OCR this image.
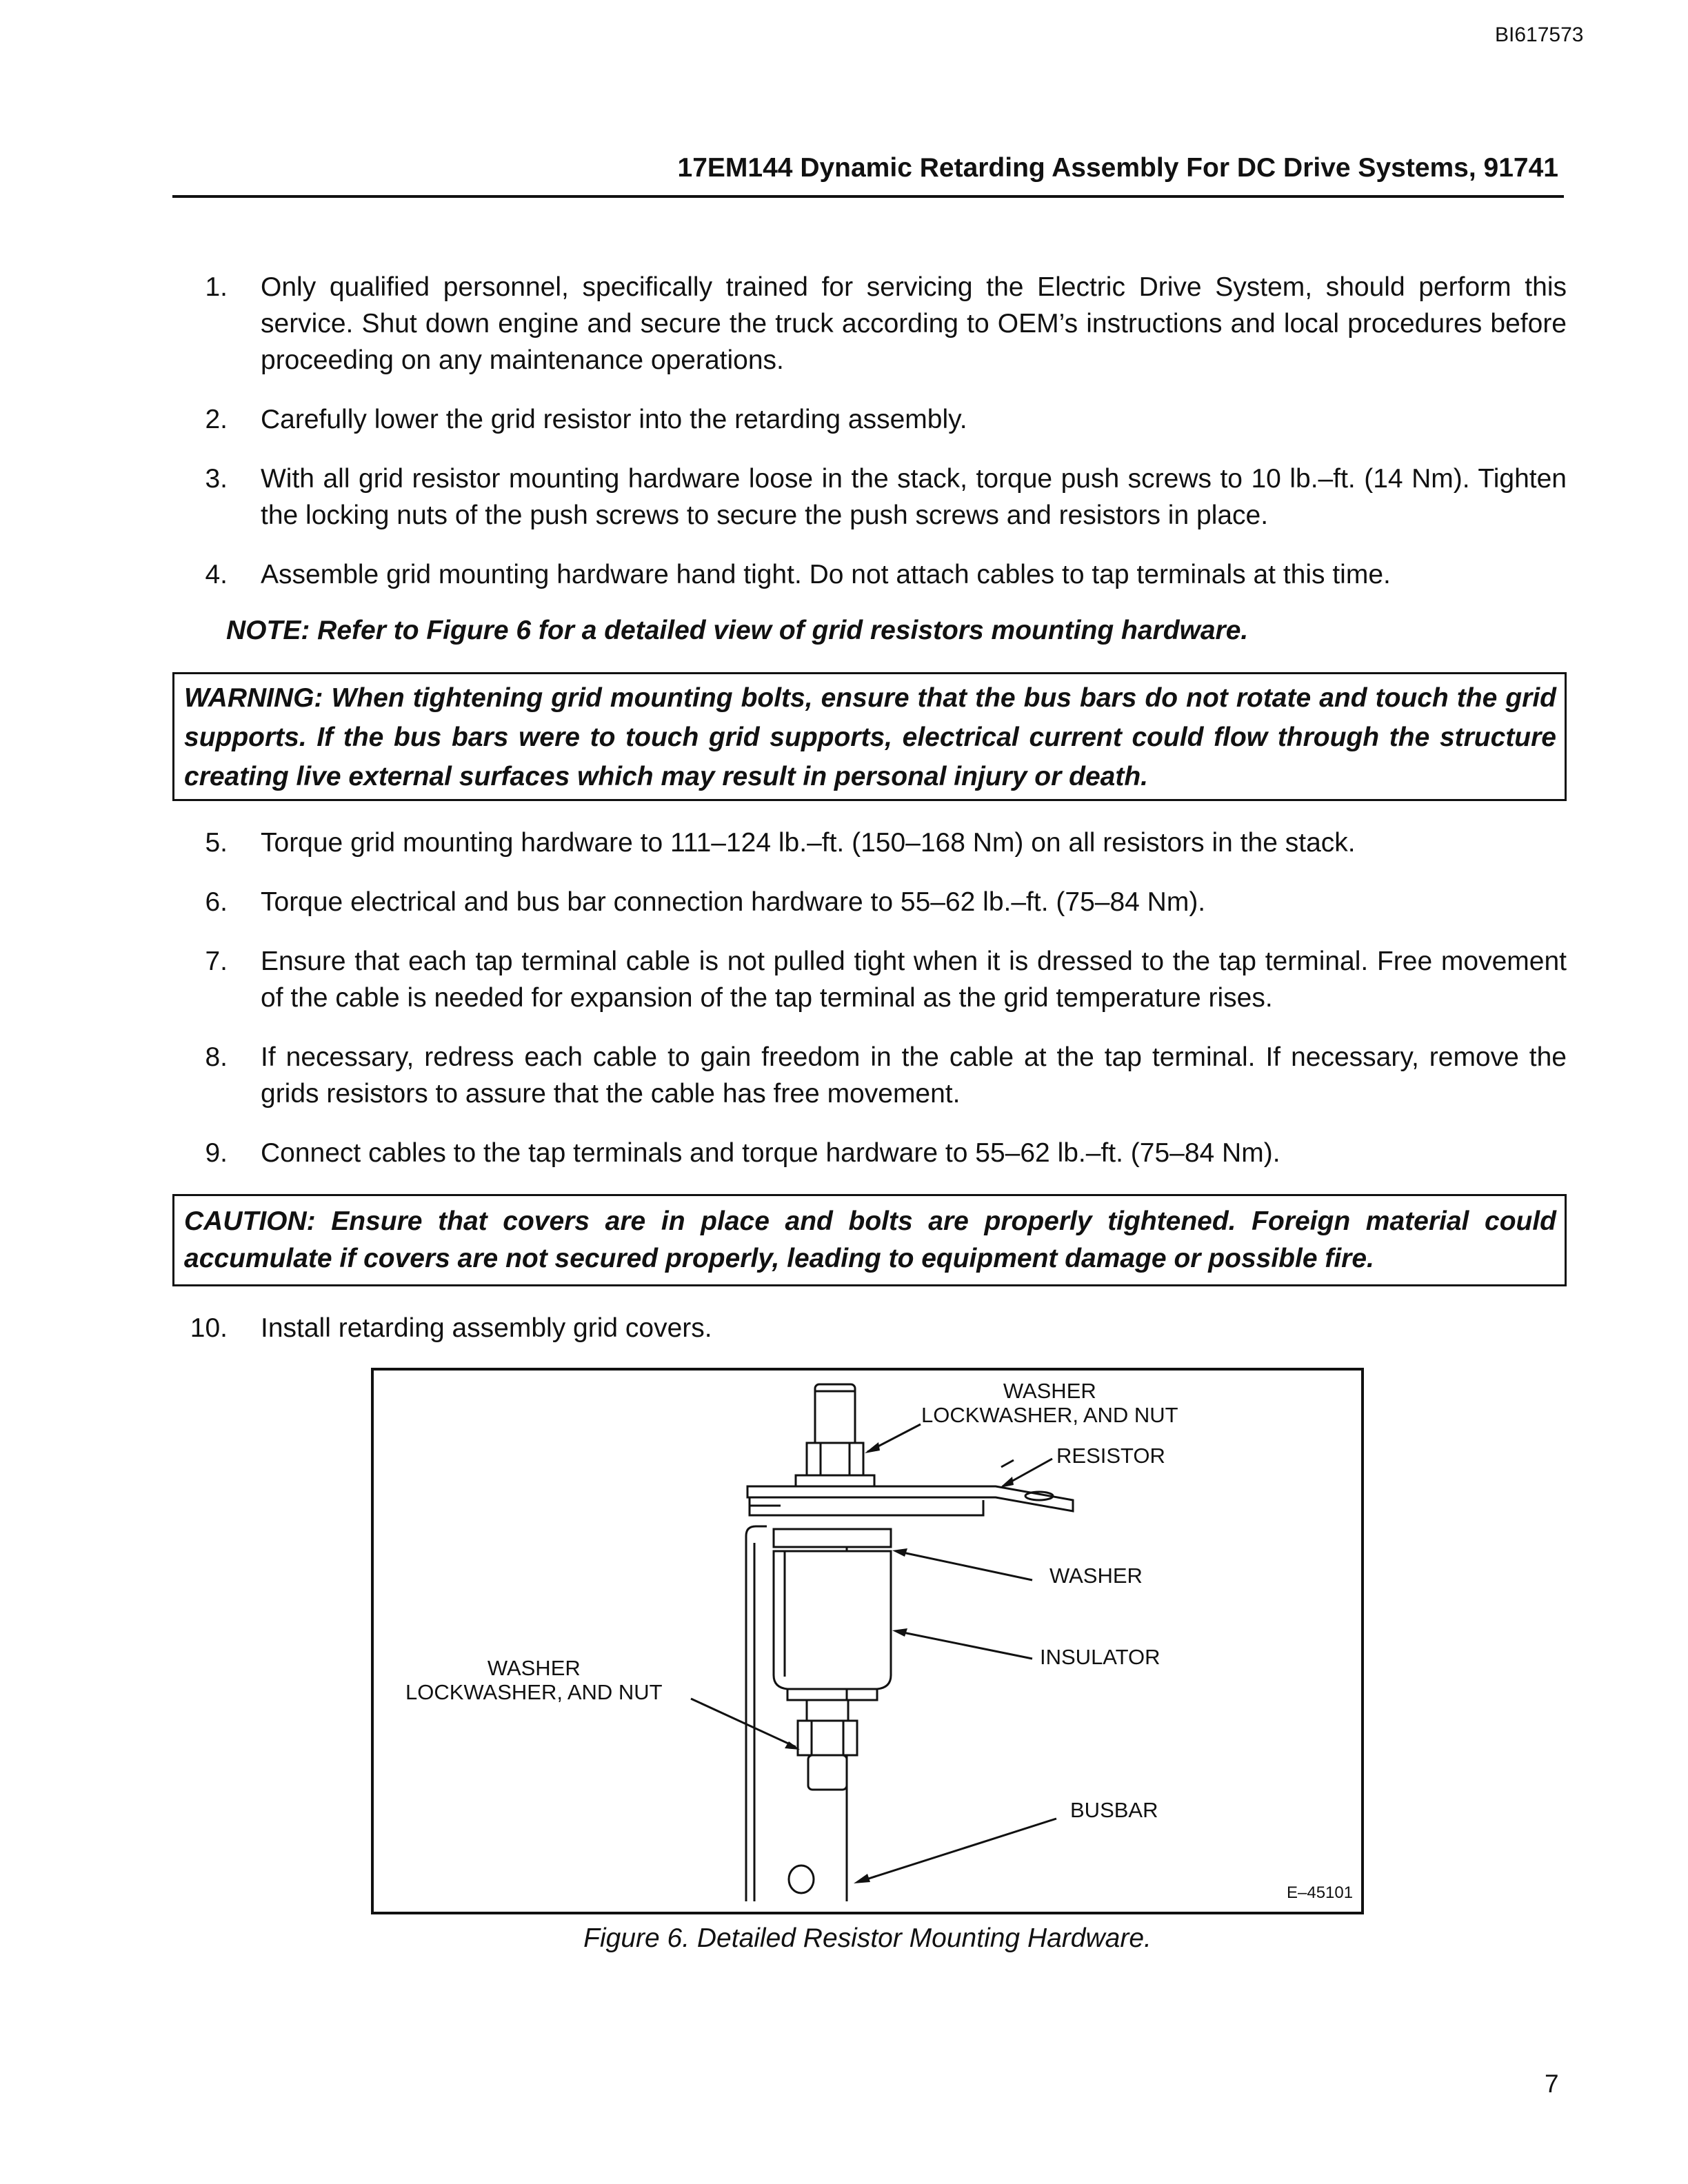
BI617573
17EM144 Dynamic Retarding Assembly For DC Drive Systems, 91741
1. Only qualified personnel, specifically trained for servicing the Electric Drive System, should perform this service. Shut down engine and secure the truck according to OEM’s instructions and local procedures before proceeding on any maintenance operations.
2. Carefully lower the grid resistor into the retarding assembly.
3. With all grid resistor mounting hardware loose in the stack, torque push screws to 10 lb.–ft. (14 Nm). Tighten the locking nuts of the push screws to secure the push screws and resistors in place.
4. Assemble grid mounting hardware hand tight. Do not attach cables to tap terminals at this time.
NOTE: Refer to Figure 6 for a detailed view of grid resistors mounting hardware.
WARNING: When tightening grid mounting bolts, ensure that the bus bars do not rotate and touch the grid supports. If the bus bars were to touch grid supports, electrical current could flow through the structure creating live external surfaces which may result in personal injury or death.
5. Torque grid mounting hardware to 111–124 lb.–ft. (150–168 Nm) on all resistors in the stack.
6. Torque electrical and bus bar connection hardware to 55–62 lb.–ft. (75–84 Nm).
7. Ensure that each tap terminal cable is not pulled tight when it is dressed to the tap terminal. Free movement of the cable is needed for expansion of the tap terminal as the grid temperature rises.
8. If necessary, redress each cable to gain freedom in the cable at the tap terminal. If necessary, remove the grids resistors to assure that the cable has free movement.
9. Connect cables to the tap terminals and torque hardware to 55–62 lb.–ft. (75–84 Nm).
CAUTION: Ensure that covers are in place and bolts are properly tightened. Foreign material could accumulate if covers are not secured properly, leading to equipment damage or possible fire.
10. Install retarding assembly grid covers.
WASHER
LOCKWASHER, AND NUT
RESISTOR
WASHER
INSULATOR
WASHER
LOCKWASHER, AND NUT
BUSBAR
E–45101
Figure 6. Detailed Resistor Mounting Hardware.
7
